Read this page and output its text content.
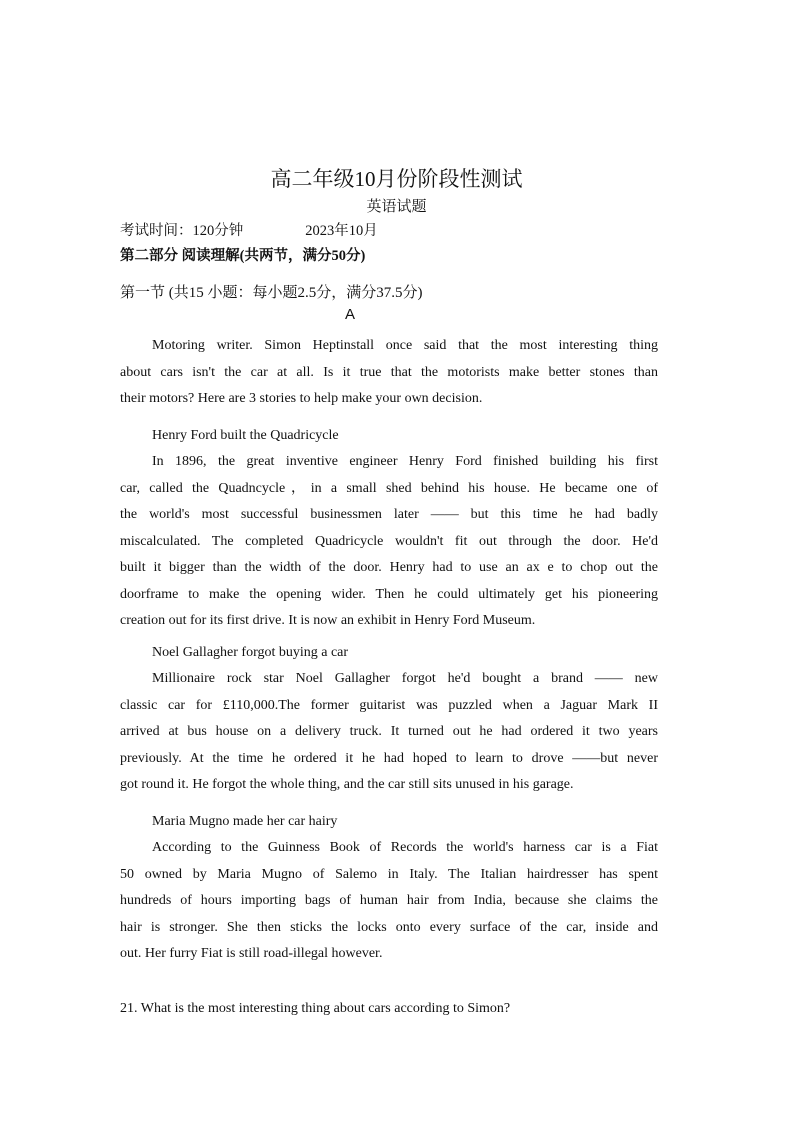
高二年级10月份阶段性测试
英语试题
考试时间：120分钟	2023年10月
第二部分 阅读理解(共两节，满分50分)
第一节 (共15 小题：每小题2.5分，满分37.5分)
A
Motoring writer. Simon Heptinstall once said that the most interesting thing
about cars isn't the car at all. Is it true that the motorists make better stones than
their motors? Here are 3 stories to help make your own decision.
Henry Ford built the Quadricycle
In 1896, the great inventive engineer Henry Ford finished building his first
car, called the Quadncycle，in a small shed behind his house. He became one of
the world's most successful businessmen later —— but this time he had badly
miscalculated. The completed Quadricycle wouldn't fit out through the door. He'd
built it bigger than the width of the door. Henry had to use an ax e to chop out the
doorframe to make the opening wider. Then he could ultimately get his pioneering
creation out for its first drive. It is now an exhibit in Henry Ford Museum.
Noel Gallagher forgot buying a car
Millionaire rock star Noel Gallagher forgot he'd bought a brand —— new
classic car for £110,000.The former guitarist was puzzled when a Jaguar Mark II
arrived at bus house on a delivery truck. It turned out he had ordered it two years
previously. At the time he ordered it he had hoped to learn to drove ——but never
got round it. He forgot the whole thing, and the car still sits unused in his garage.
Maria Mugno made her car hairy
According to the Guinness Book of Records the world's harness car is a Fiat
50 owned by Maria Mugno of Salemo in Italy. The Italian hairdresser has spent
hundreds of hours importing bags of human hair from India, because she claims the
hair is stronger. She then sticks the locks onto every surface of the car, inside and
out. Her furry Fiat is still road-illegal however.
21. What is the most interesting thing about cars according to Simon?
